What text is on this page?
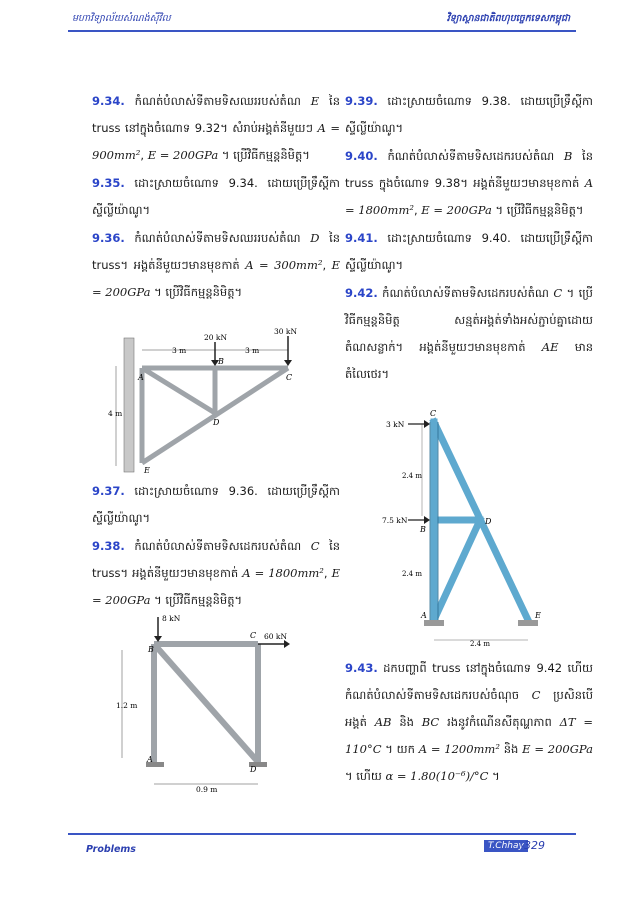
មហាវិទ្យាល័យសំណង់ស៊ីវិល	វិទ្យាស្ថានជាតិពហុបច្ចេកទេសកម្ពុជា

9.34. កំណត់បំលាស់ទីតាមទិសឈររបស់តំណ E នៃ truss នៅក្នុងចំណោទ 9.32។ សំរាប់អង្គត់នីមួយៗ A = 900mm², E = 200GPa ។ ប្រើវិធីកម្មន្តនិមិត្ត។

9.35. ដោះស្រាយចំណោទ 9.34. ដោយប្រើទ្រឹស្តីកាស្ទីល្លីយ៉ាណូ។

9.36. កំណត់បំលាស់ទីតាមទិសឈររបស់តំណ D នៃ truss។ អង្គត់នីមួយៗមានមុខកាត់ A = 300mm², E = 200GPa ។ ប្រើវិធីកម្មន្តនិមិត្ត។

3 m	3 m
4 m
20 kN
30 kN
A
B
C
D
E

9.37. ដោះស្រាយចំណោទ 9.36. ដោយប្រើទ្រឹស្តីកាស្ទីល្លីយ៉ាណូ។

9.38. កំណត់បំលាស់ទីតាមទិសដេករបស់តំណ C នៃ truss។ អង្គត់នីមួយៗមានមុខកាត់ A = 1800mm², E = 200GPa ។ ប្រើវិធីកម្មន្តនិមិត្ត។

1.2 m
8 kN
60 kN
B
C
A
D
0.9 m

9.39. ដោះស្រាយចំណោទ 9.38. ដោយប្រើទ្រឹស្តីកាស្ទីល្លីយ៉ាណូ។

9.40. កំណត់បំលាស់ទីតាមទិសដេករបស់តំណ B នៃ truss ក្នុងចំណោទ 9.38។ អង្គត់នីមួយៗមានមុខកាត់ A = 1800mm², E = 200GPa ។ ប្រើវិធីកម្មន្តនិមិត្ត។

9.41. ដោះស្រាយចំណោទ 9.40. ដោយប្រើទ្រឹស្តីកាស្ទីល្លីយ៉ាណូ។

9.42. កំណត់បំលាស់ទីតាមទិសដេករបស់តំណ C ។ ប្រើវិធីកម្មន្តនិមិត្ត សន្មត់អង្គត់ទាំងអស់ភ្ជាប់គ្នាដោយតំណសន្លាក់។ អង្គត់នីមួយៗមានមុខកាត់ AE មានតំលៃថេរ។

3 kN
7.5 kN
2.4 m
2.4 m
2.4 m
C
B
D
A	E

9.43. ដកបញ្ហាពី truss នៅក្នុងចំណោទ 9.42 ហើយកំណត់បំលាស់ទីតាមទិសដេករបស់ចំណុច C ប្រសិនបើអង្គត់ AB និង BC រងនូវកំណើនសីតុណ្ហភាព ΔT = 110°C ។ យក A = 1200mm² និង E = 200GPa ។ ហើយ α = 1.80(10⁻⁶)/°C ។

Problems	T.Chhay
-329
